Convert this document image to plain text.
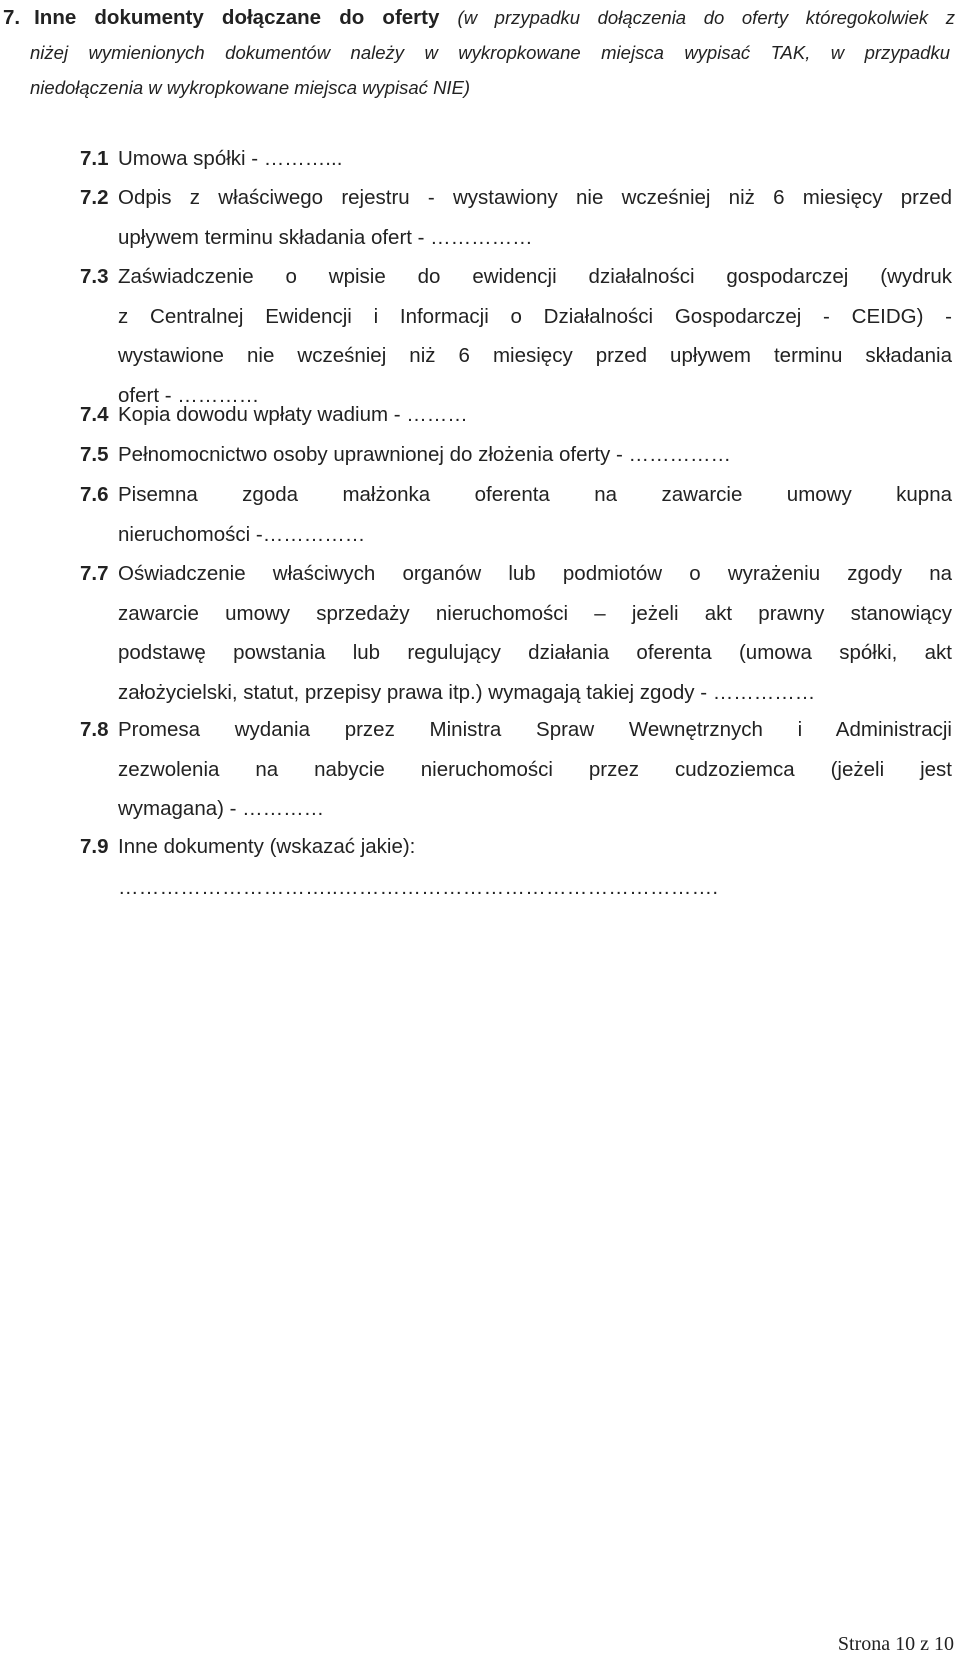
7. Inne dokumenty dołączane do oferty (w przypadku dołączenia do oferty któregokolwiek z
niżej wymienionych dokumentów należy w wykropkowane miejsca wypisać TAK, w przypadku
niedołączenia w wykropkowane miejsca wypisać NIE)
7.1 Umowa spółki - ………...
7.2 Odpis z właściwego rejestru - wystawiony nie wcześniej niż 6 miesięcy przed
upływem terminu składania ofert - ……………
7.3 Zaświadczenie o wpisie do ewidencji działalności gospodarczej (wydruk
z Centralnej Ewidencji i Informacji o Działalności Gospodarczej - CEIDG) -
wystawione nie wcześniej niż 6 miesięcy przed upływem terminu składania
ofert - …………
7.4 Kopia dowodu wpłaty wadium - ………
7.5 Pełnomocnictwo osoby uprawnionej do złożenia oferty - ……………
7.6 Pisemna zgoda małżonka oferenta na zawarcie umowy kupna
nieruchomości -……………
7.7 Oświadczenie właściwych organów lub podmiotów o wyrażeniu zgody na
zawarcie umowy sprzedaży nieruchomości – jeżeli akt prawny stanowiący
podstawę powstania lub regulujący działania oferenta (umowa spółki, akt
założycielski, statut, przepisy prawa itp.) wymagają takiej zgody - ……………
7.8 Promesa wydania przez Ministra Spraw Wewnętrznych i Administracji
zezwolenia na nabycie nieruchomości przez cudzoziemca (jeżeli jest
wymagana) - …………
7.9 Inne dokumenty (wskazać jakie):
…………………………..……………………………………………….
Strona 10 z 10
